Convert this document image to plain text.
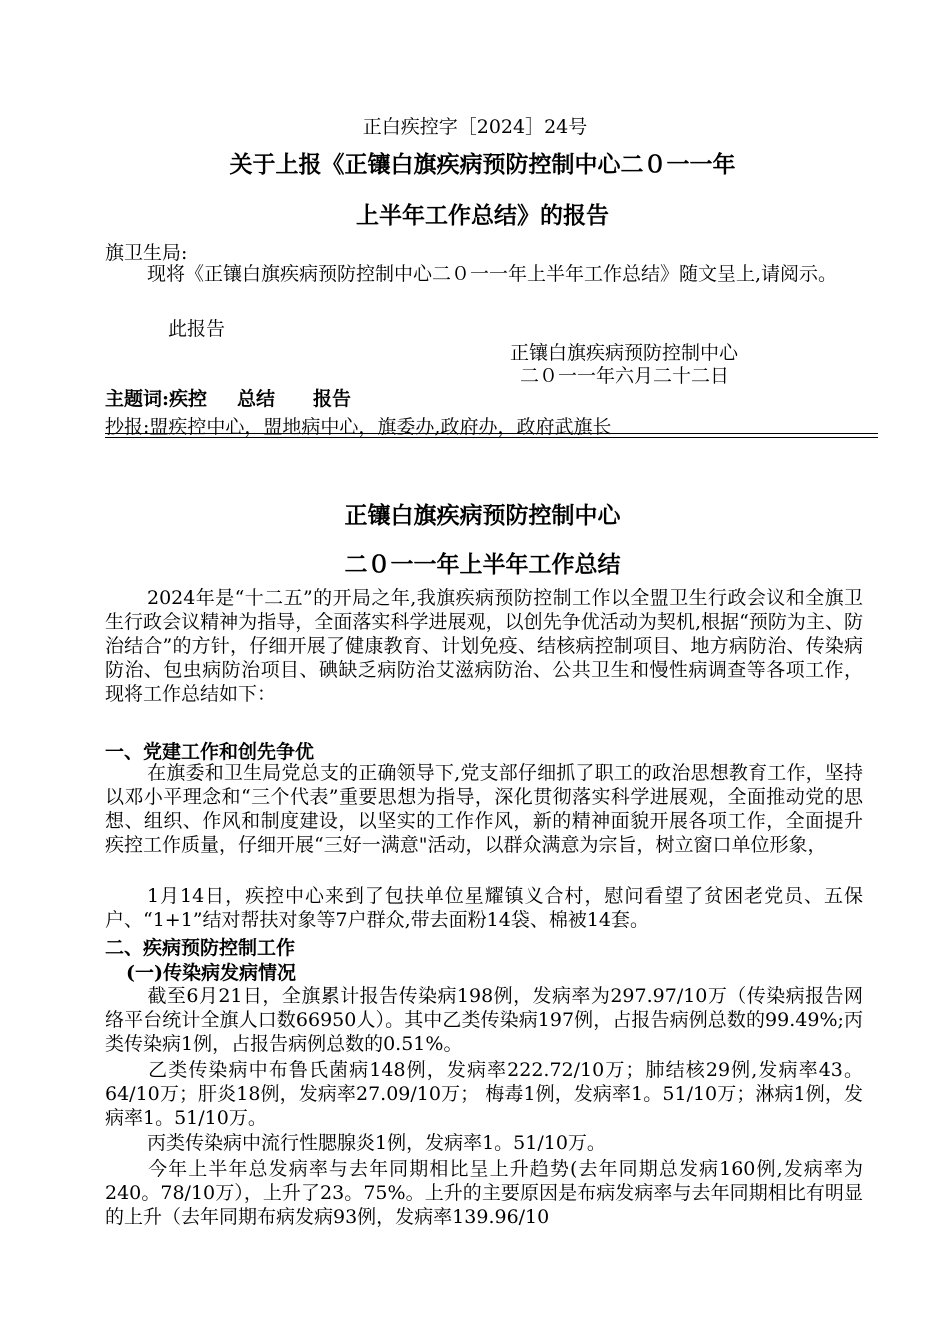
正白疾控字［2024］24号
关于上报《正镶白旗疾病预防控制中心二０一一年
上半年工作总结》的报告
旗卫生局:
现将《正镶白旗疾病预防控制中心二０一一年上半年工作总结》随文呈上,请阅示。
此报告
正镶白旗疾病预防控制中心
二０一一年六月二十二日
主题词:疾控 总结 报告
抄报:盟疾控中心，盟地病中心，旗委办,政府办，政府武旗长
正镶白旗疾病预防控制中心
二０一一年上半年工作总结
2024年是“十二五”的开局之年,我旗疾病预防控制工作以全盟卫生行政会议和全旗卫生行政会议精神为指导，全面落实科学进展观，以创先争优活动为契机,根据“预防为主、防治结合”的方针，仔细开展了健康教育、计划免疫、结核病控制项目、地方病防治、传染病防治、包虫病防治项目、碘缺乏病防治艾滋病防治、公共卫生和慢性病调查等各项工作，现将工作总结如下：
一、党建工作和创先争优
在旗委和卫生局党总支的正确领导下,党支部仔细抓了职工的政治思想教育工作，坚持以邓小平理念和“三个代表”重要思想为指导，深化贯彻落实科学进展观，全面推动党的思想、组织、作风和制度建设，以坚实的工作作风，新的精神面貌开展各项工作，全面提升疾控工作质量，仔细开展“三好一满意"活动，以群众满意为宗旨，树立窗口单位形象，
1月14日，疾控中心来到了包扶单位星耀镇义合村，慰问看望了贫困老党员、五保户、“1+1”结对帮扶对象等7户群众,带去面粉14袋、棉被14套。
二、疾病预防控制工作
(一)传染病发病情况
截至6月21日，全旗累计报告传染病198例，发病率为297.97/10万（传染病报告网络平台统计全旗人口数66950人）。其中乙类传染病197例，占报告病例总数的99.49%;丙类传染病1例，占报告病例总数的0.51%。
乙类传染病中布鲁氏菌病148例，发病率222.72/10万；肺结核29例,发病率43。64/10万；肝炎18例，发病率27.09/10万； 梅毒1例，发病率1。51/10万；淋病1例，发病率1。51/10万。
丙类传染病中流行性腮腺炎1例，发病率1。51/10万。
今年上半年总发病率与去年同期相比呈上升趋势(去年同期总发病160例,发病率为240。78/10万），上升了23。75%。上升的主要原因是布病发病率与去年同期相比有明显的上升（去年同期布病发病93例，发病率139.96/10
